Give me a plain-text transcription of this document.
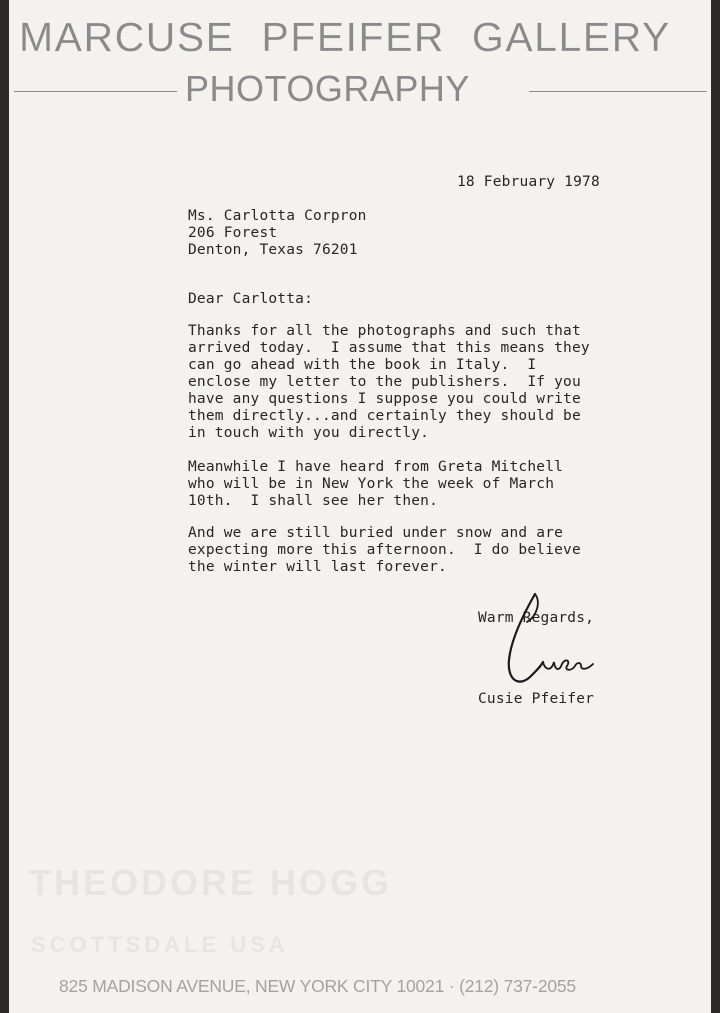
MARCUSE PFEIFER GALLERY
PHOTOGRAPHY
18 February 1978
Ms. Carlotta Corpron
206 Forest
Denton, Texas 76201
Dear Carlotta:
Thanks for all the photographs and such that
arrived today.  I assume that this means they
can go ahead with the book in Italy.  I
enclose my letter to the publishers.  If you
have any questions I suppose you could write
them directly...and certainly they should be
in touch with you directly.
Meanwhile I have heard from Greta Mitchell
who will be in New York the week of March
10th.  I shall see her then.
And we are still buried under snow and are
expecting more this afternoon.  I do believe
the winter will last forever.
Warm Regards,
Cusie Pfeifer
THEODORE HOGG
SCOTTSDALE USA
825 MADISON AVENUE, NEW YORK CITY 10021 · (212) 737-2055
